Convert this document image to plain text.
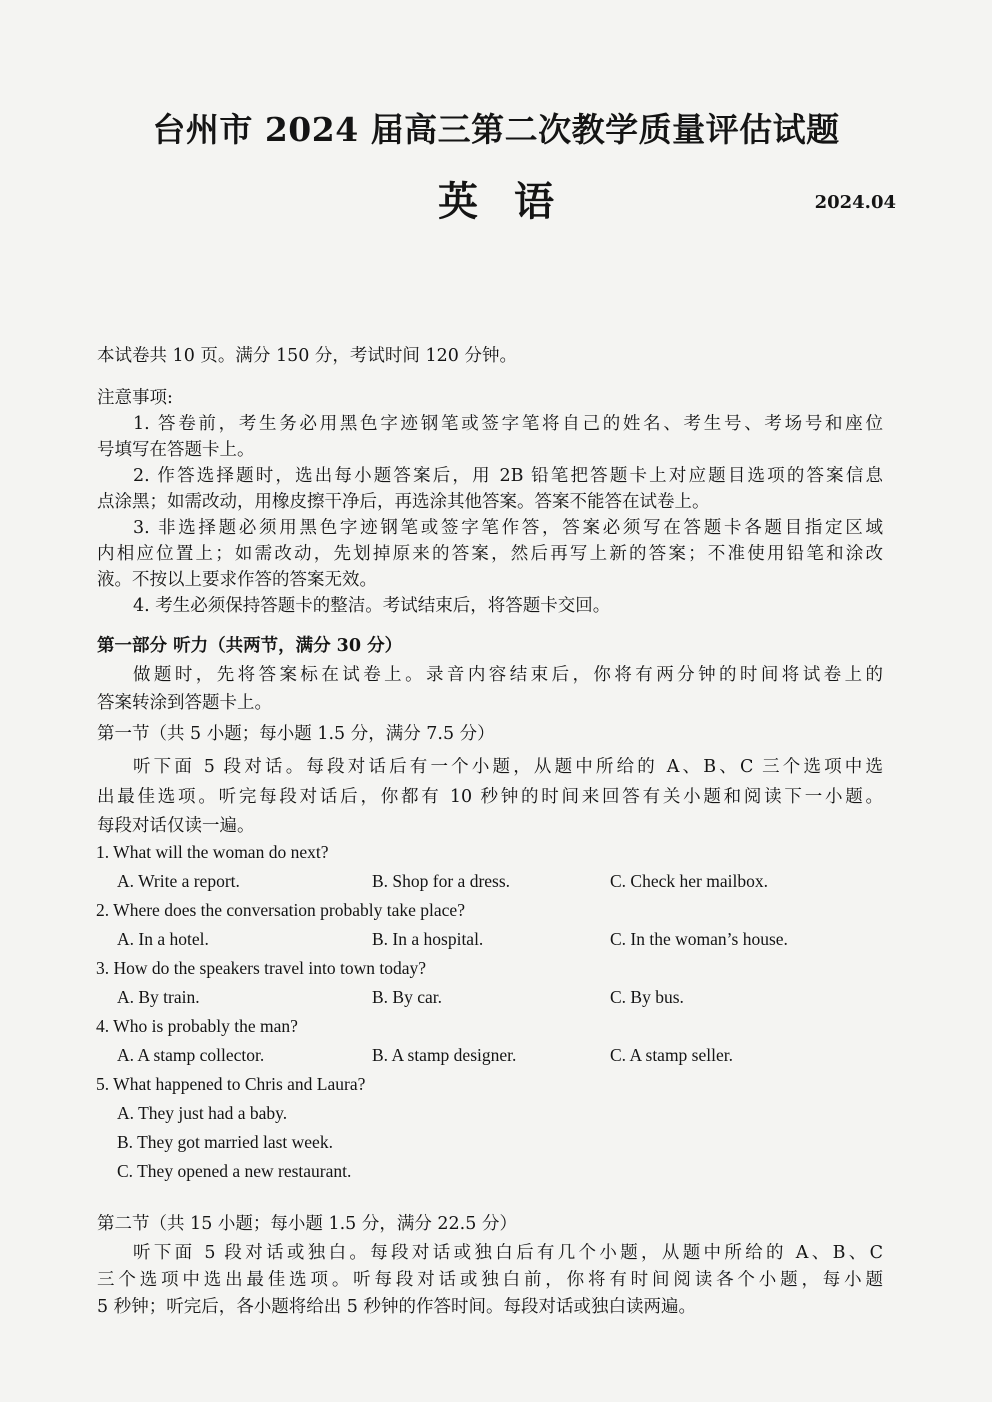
台州市 2024 届高三第二次教学质量评估试题
英语	2024.04
本试卷共 10 页。满分 150 分，考试时间 120 分钟。
注意事项:
1. 答卷前，考生务必用黑色字迹钢笔或签字笔将自己的姓名、考生号、考场号和座位
号填写在答题卡上。
2. 作答选择题时，选出每小题答案后，用 2B 铅笔把答题卡上对应题目选项的答案信息
点涂黑；如需改动，用橡皮擦干净后，再选涂其他答案。答案不能答在试卷上。
3. 非选择题必须用黑色字迹钢笔或签字笔作答，答案必须写在答题卡各题目指定区域
内相应位置上；如需改动，先划掉原来的答案，然后再写上新的答案；不准使用铅笔和涂改
液。不按以上要求作答的答案无效。
4. 考生必须保持答题卡的整洁。考试结束后，将答题卡交回。
第一部分 听力（共两节，满分 30 分）
做题时，先将答案标在试卷上。录音内容结束后，你将有两分钟的时间将试卷上的
答案转涂到答题卡上。
第一节（共 5 小题；每小题 1.5 分，满分 7.5 分）
听下面 5 段对话。每段对话后有一个小题，从题中所给的 A、B、C 三个选项中选
出最佳选项。听完每段对话后，你都有 10 秒钟的时间来回答有关小题和阅读下一小题。
每段对话仅读一遍。
1. What will the woman do next?
A. Write a report.	B. Shop for a dress.	C. Check her mailbox.
2. Where does the conversation probably take place?
A. In a hotel.	B. In a hospital.	C. In the woman’s house.
3. How do the speakers travel into town today?
A. By train.	B. By car.	C. By bus.
4. Who is probably the man?
A. A stamp collector.	B. A stamp designer.	C. A stamp seller.
5. What happened to Chris and Laura?
A. They just had a baby.
B. They got married last week.
C. They opened a new restaurant.
第二节（共 15 小题；每小题 1.5 分，满分 22.5 分）
听下面 5 段对话或独白。每段对话或独白后有几个小题，从题中所给的 A、B、C
三个选项中选出最佳选项。听每段对话或独白前，你将有时间阅读各个小题，每小题
5 秒钟；听完后，各小题将给出 5 秒钟的作答时间。每段对话或独白读两遍。
